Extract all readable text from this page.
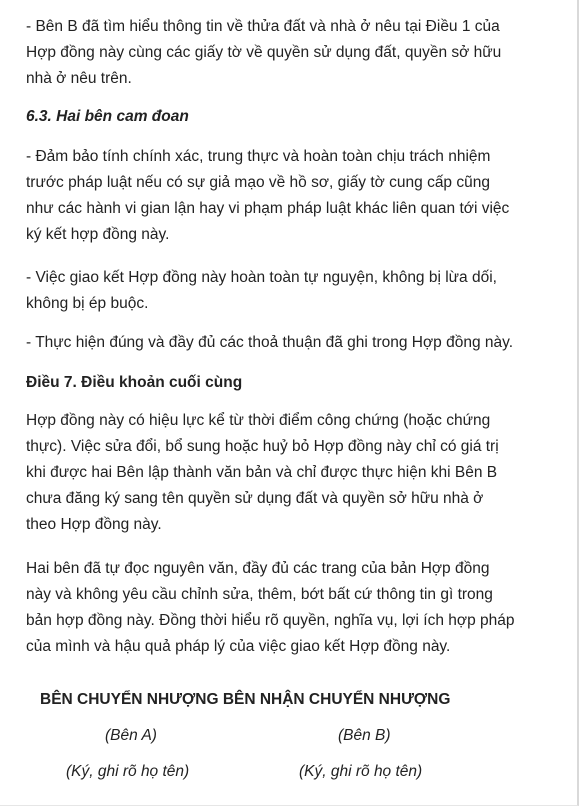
- Bên B đã tìm hiểu thông tin về thửa đất và nhà ở nêu tại Điều 1 của
Hợp đồng này cùng các giấy tờ về quyền sử dụng đất, quyền sở hữu
nhà ở nêu trên.

6.3. Hai bên cam đoan

- Đảm bảo tính chính xác, trung thực và hoàn toàn chịu trách nhiệm
trước pháp luật nếu có sự giả mạo về hồ sơ, giấy tờ cung cấp cũng
như các hành vi gian lận hay vi phạm pháp luật khác liên quan tới việc
ký kết hợp đồng này.

- Việc giao kết Hợp đồng này hoàn toàn tự nguyện, không bị lừa dối,
không bị ép buộc.

- Thực hiện đúng và đầy đủ các thoả thuận đã ghi trong Hợp đồng này.

Điều 7. Điều khoản cuối cùng

Hợp đồng này có hiệu lực kể từ thời điểm công chứng (hoặc chứng
thực). Việc sửa đổi, bổ sung hoặc huỷ bỏ Hợp đồng này chỉ có giá trị
khi được hai Bên lập thành văn bản và chỉ được thực hiện khi Bên B
chưa đăng ký sang tên quyền sử dụng đất và quyền sở hữu nhà ở
theo Hợp đồng này.

Hai bên đã tự đọc nguyên văn, đầy đủ các trang của bản Hợp đồng
này và không yêu cầu chỉnh sửa, thêm, bớt bất cứ thông tin gì trong
bản hợp đồng này. Đồng thời hiểu rõ quyền, nghĩa vụ, lợi ích hợp pháp
của mình và hậu quả pháp lý của việc giao kết Hợp đồng này.

BÊN CHUYỂN NHƯỢNG BÊN NHẬN CHUYỂN NHƯỢNG
(Bên A)	(Bên B)
(Ký, ghi rõ họ tên)	(Ký, ghi rõ họ tên)
